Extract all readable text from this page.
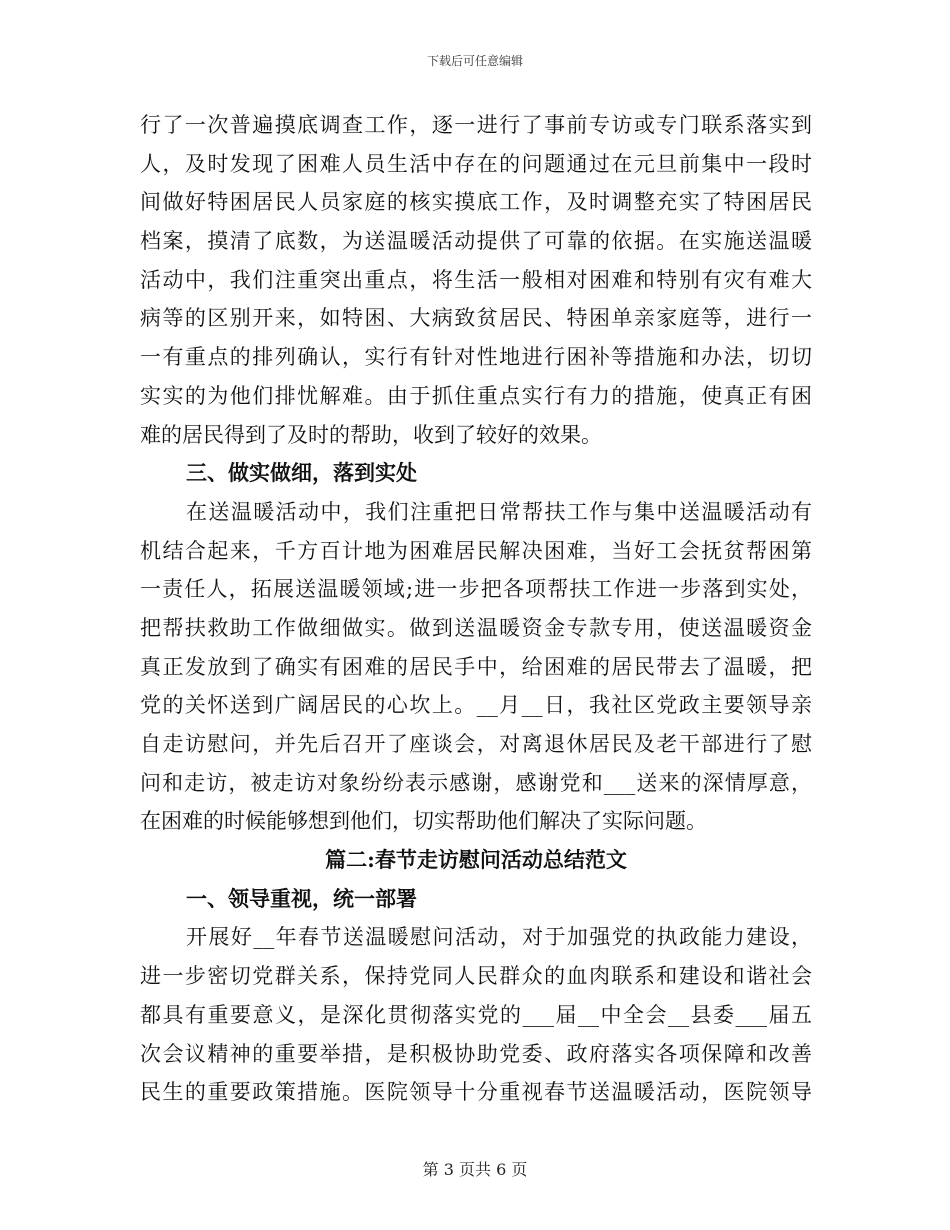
下载后可任意编辑
行了一次普遍摸底调查工作，逐一进行了事前专访或专门联系落实到
人，及时发现了困难人员生活中存在的问题通过在元旦前集中一段时
间做好特困居民人员家庭的核实摸底工作，及时调整充实了特困居民
档案，摸清了底数，为送温暖活动提供了可靠的依据。在实施送温暖
活动中，我们注重突出重点，将生活一般相对困难和特别有灾有难大
病等的区别开来，如特困、大病致贫居民、特困单亲家庭等，进行一
一有重点的排列确认，实行有针对性地进行困补等措施和办法，切切
实实的为他们排忧解难。由于抓住重点实行有力的措施，使真正有困
难的居民得到了及时的帮助，收到了较好的效果。
三、做实做细，落到实处
在送温暖活动中，我们注重把日常帮扶工作与集中送温暖活动有
机结合起来，千方百计地为困难居民解决困难，当好工会抚贫帮困第
一责任人，拓展送温暖领域;进一步把各项帮扶工作进一步落到实处，
把帮扶救助工作做细做实。做到送温暖资金专款专用，使送温暖资金
真正发放到了确实有困难的居民手中，给困难的居民带去了温暖，把
党的关怀送到广阔居民的心坎上。__月__日，我社区党政主要领导亲
自走访慰问，并先后召开了座谈会，对离退休居民及老干部进行了慰
问和走访，被走访对象纷纷表示感谢，感谢党和___送来的深情厚意，
在困难的时候能够想到他们，切实帮助他们解决了实际问题。
篇二:春节走访慰问活动总结范文
一、领导重视，统一部署
开展好__年春节送温暖慰问活动，对于加强党的执政能力建设，
进一步密切党群关系，保持党同人民群众的血肉联系和建设和谐社会
都具有重要意义，是深化贯彻落实党的___届__中全会__县委___届五
次会议精神的重要举措，是积极协助党委、政府落实各项保障和改善
民生的重要政策措施。医院领导十分重视春节送温暖活动，医院领导
第 3 页共 6 页
